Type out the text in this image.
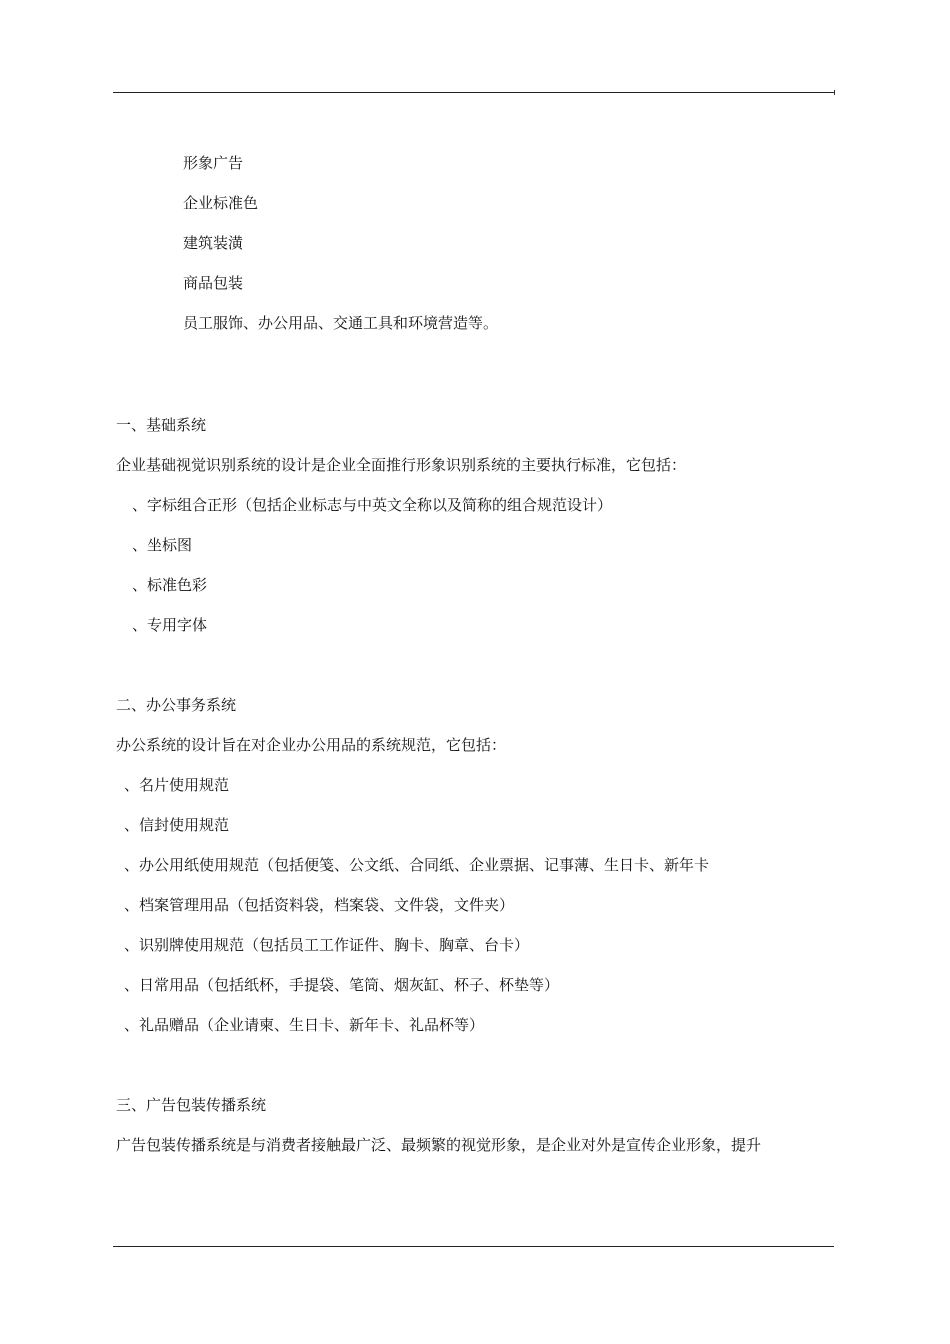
形象广告
企业标准色
建筑装潢
商品包装
员工服饰、办公用品、交通工具和环境营造等。
一、基础系统
企业基础视觉识别系统的设计是企业全面推行形象识别系统的主要执行标准，它包括：
、字标组合正形（包括企业标志与中英文全称以及简称的组合规范设计）
、坐标图
、标准色彩
、专用字体
二、办公事务系统
办公系统的设计旨在对企业办公用品的系统规范，它包括：
、名片使用规范
、信封使用规范
、办公用纸使用规范（包括便笺、公文纸、合同纸、企业票据、记事薄、生日卡、新年卡
、档案管理用品（包括资料袋，档案袋、文件袋，文件夹）
、识别牌使用规范（包括员工工作证件、胸卡、胸章、台卡）
、日常用品（包括纸杯，手提袋、笔筒、烟灰缸、杯子、杯垫等）
、礼品赠品（企业请柬、生日卡、新年卡、礼品杯等）
三、广告包装传播系统
广告包装传播系统是与消费者接触最广泛、最频繁的视觉形象，是企业对外是宣传企业形象，提升
